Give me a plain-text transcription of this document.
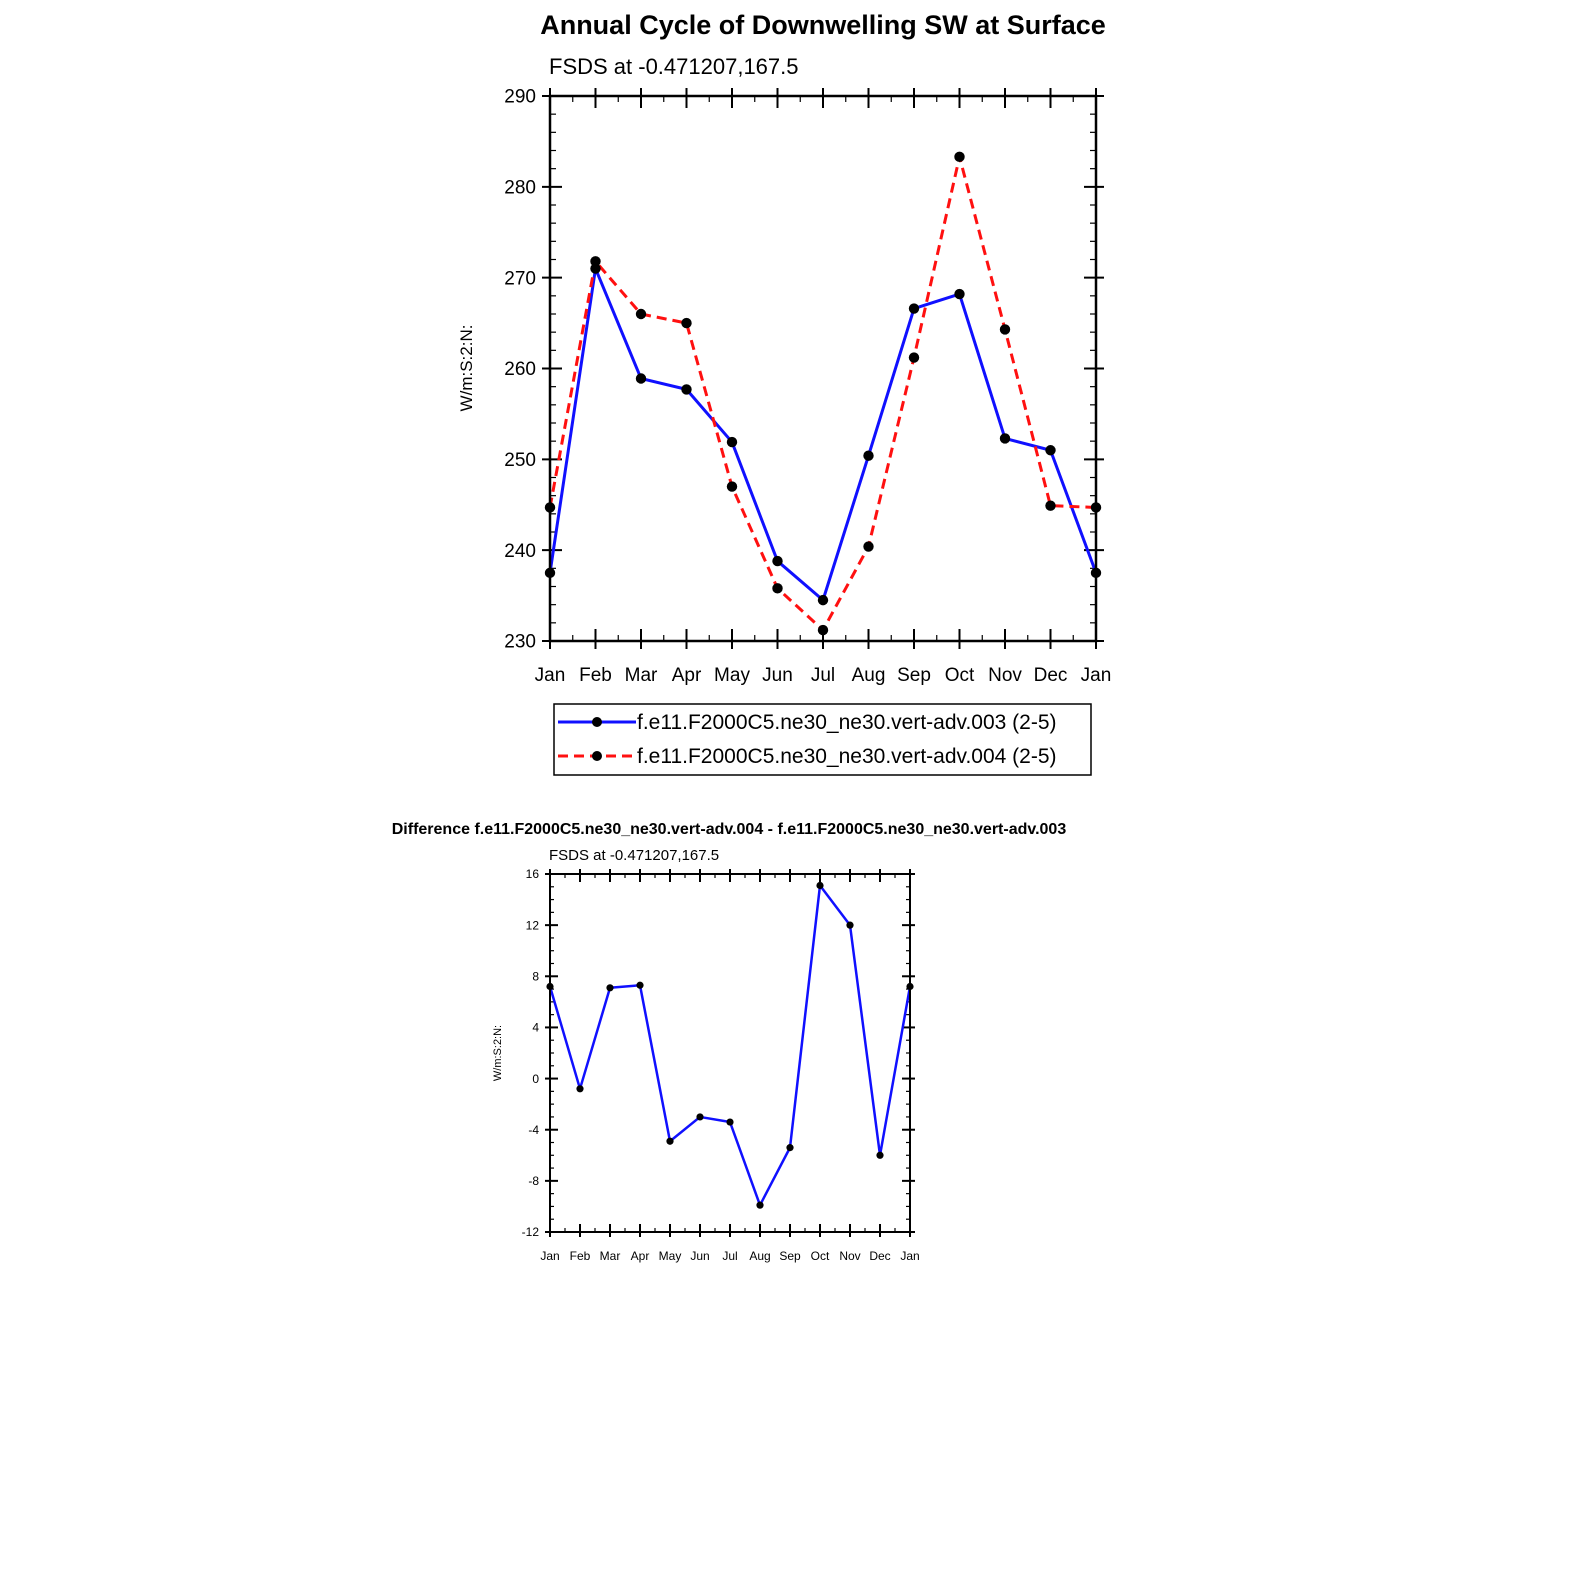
Annual Cycle of Downwelling SW at Surface
FSDS at -0.471207,167.5
W/m:S:2:N:
230
240
250
260
270
280
290
Jan Feb Mar Apr May Jun Jul Aug Sep Oct Nov Dec Jan
f.e11.F2000C5.ne30_ne30.vert-adv.003 (2-5)
f.e11.F2000C5.ne30_ne30.vert-adv.004 (2-5)
Difference f.e11.F2000C5.ne30_ne30.vert-adv.004 - f.e11.F2000C5.ne30_ne30.vert-adv.003
FSDS at -0.471207,167.5
W/m:S:2:N:
-12
-8
-4
0
4
8
12
16
Jan Feb Mar Apr May Jun Jul Aug Sep Oct Nov Dec Jan
